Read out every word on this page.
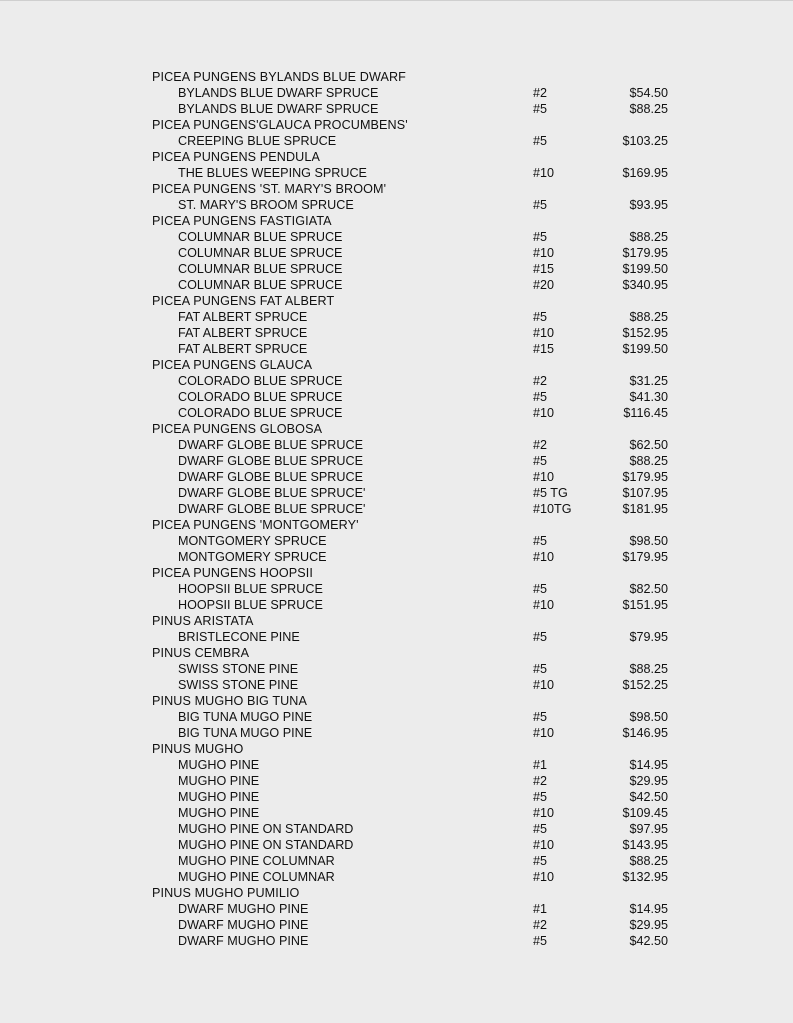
PICEA PUNGENS BYLANDS BLUE DWARF
BYLANDS BLUE DWARF SPRUCE	#2	$54.50
BYLANDS BLUE DWARF SPRUCE	#5	$88.25
PICEA PUNGENS'GLAUCA PROCUMBENS'
CREEPING BLUE SPRUCE	#5	$103.25
PICEA PUNGENS PENDULA
THE BLUES WEEPING SPRUCE	#10	$169.95
PICEA PUNGENS 'ST. MARY'S BROOM'
ST. MARY'S BROOM SPRUCE	#5	$93.95
PICEA PUNGENS FASTIGIATA
COLUMNAR BLUE SPRUCE	#5	$88.25
COLUMNAR BLUE SPRUCE	#10	$179.95
COLUMNAR BLUE SPRUCE	#15	$199.50
COLUMNAR BLUE SPRUCE	#20	$340.95
PICEA PUNGENS FAT ALBERT
FAT ALBERT SPRUCE	#5	$88.25
FAT ALBERT SPRUCE	#10	$152.95
FAT ALBERT SPRUCE	#15	$199.50
PICEA PUNGENS GLAUCA
COLORADO BLUE SPRUCE	#2	$31.25
COLORADO BLUE SPRUCE	#5	$41.30
COLORADO BLUE SPRUCE	#10	$116.45
PICEA PUNGENS GLOBOSA
DWARF GLOBE BLUE SPRUCE	#2	$62.50
DWARF GLOBE BLUE SPRUCE	#5	$88.25
DWARF GLOBE BLUE SPRUCE	#10	$179.95
DWARF GLOBE BLUE SPRUCE'	#5 TG	$107.95
DWARF GLOBE BLUE SPRUCE'	#10TG	$181.95
PICEA PUNGENS 'MONTGOMERY'
MONTGOMERY SPRUCE	#5	$98.50
MONTGOMERY SPRUCE	#10	$179.95
PICEA PUNGENS HOOPSII
HOOPSII BLUE SPRUCE	#5	$82.50
HOOPSII BLUE SPRUCE	#10	$151.95
PINUS ARISTATA
BRISTLECONE PINE	#5	$79.95
PINUS CEMBRA
SWISS STONE PINE	#5	$88.25
SWISS STONE PINE	#10	$152.25
PINUS MUGHO BIG TUNA
BIG TUNA MUGO PINE	#5	$98.50
BIG TUNA MUGO PINE	#10	$146.95
PINUS MUGHO
MUGHO PINE	#1	$14.95
MUGHO PINE	#2	$29.95
MUGHO PINE	#5	$42.50
MUGHO PINE	#10	$109.45
MUGHO PINE ON STANDARD	#5	$97.95
MUGHO PINE ON STANDARD	#10	$143.95
MUGHO PINE COLUMNAR	#5	$88.25
MUGHO PINE COLUMNAR	#10	$132.95
PINUS MUGHO PUMILIO
DWARF MUGHO PINE	#1	$14.95
DWARF MUGHO PINE	#2	$29.95
DWARF MUGHO PINE	#5	$42.50
